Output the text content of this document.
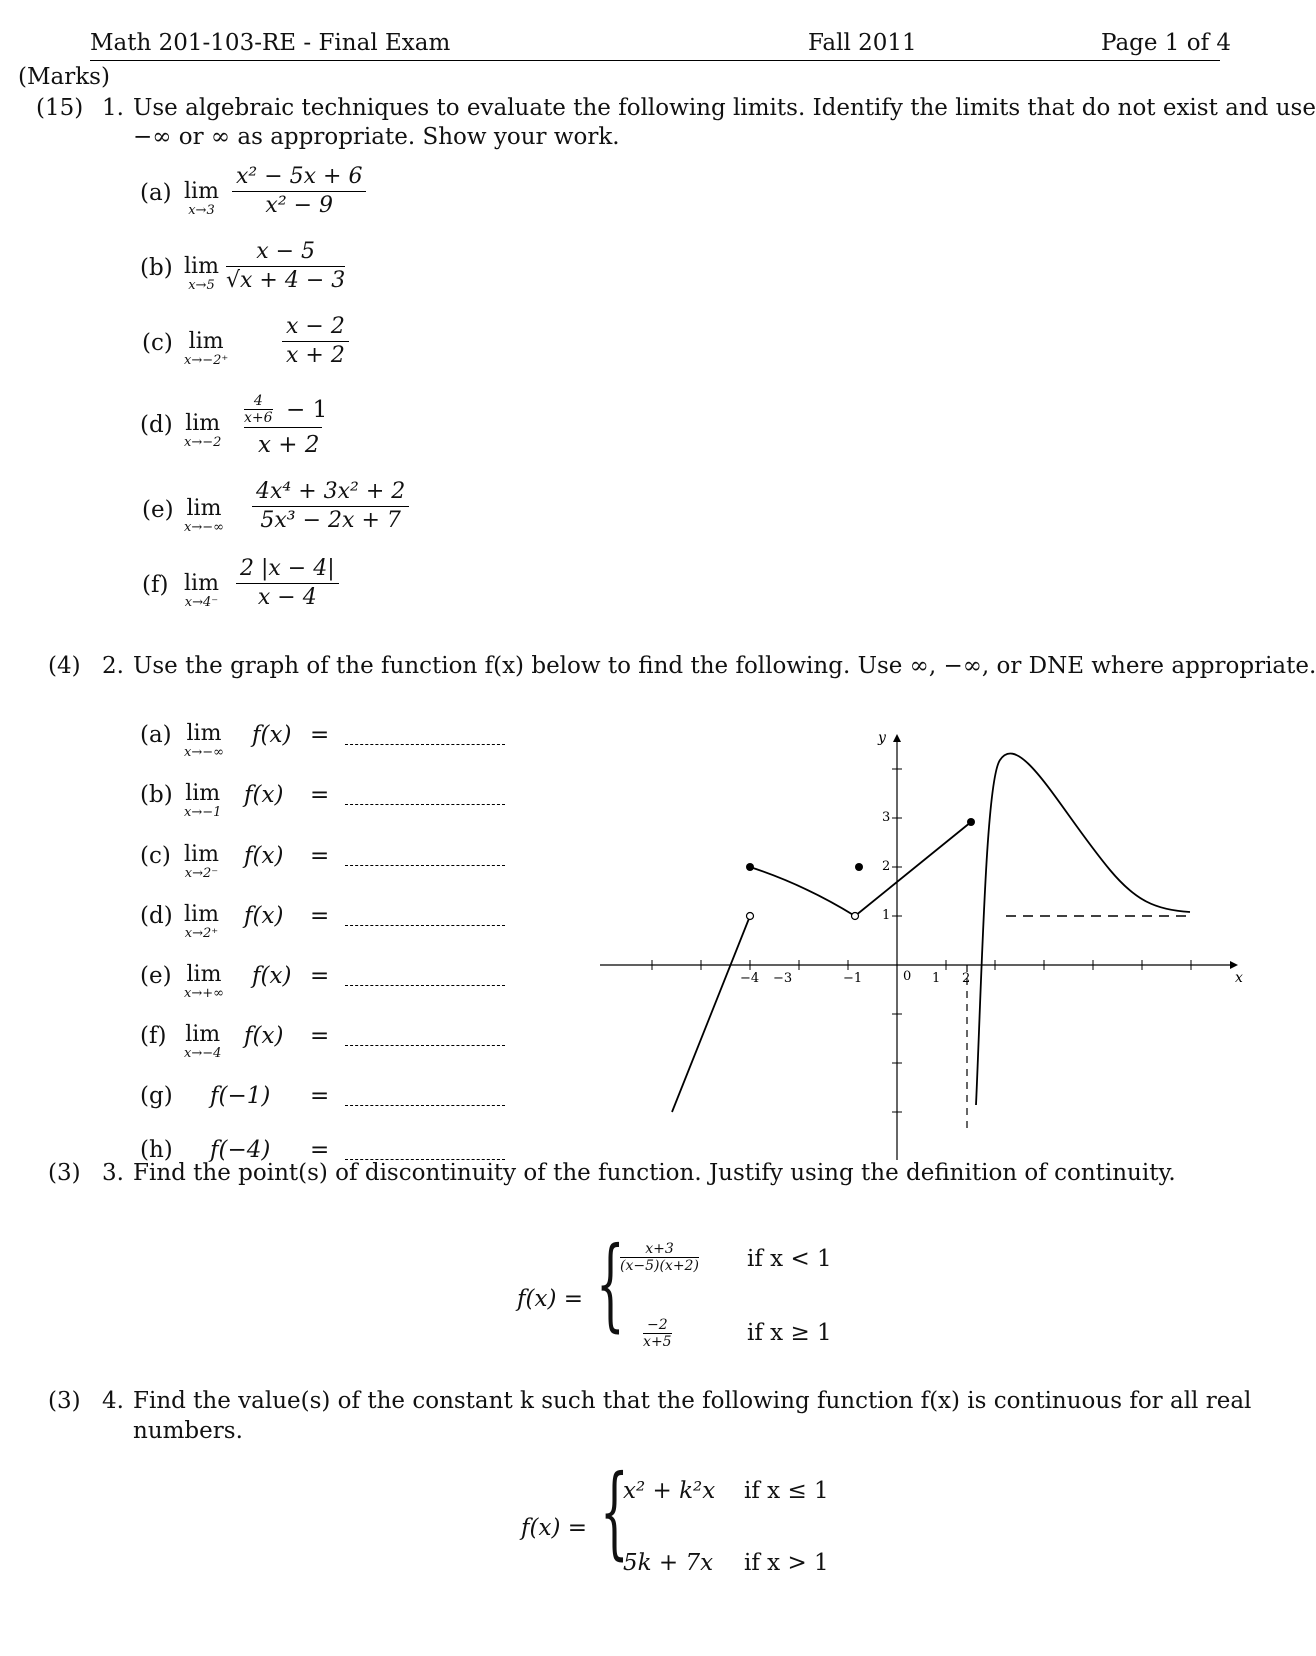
Math 201-103-RE - Final Exam	Fall 2011	Page 1 of 4
(Marks)
(15) 1. Use algebraic techniques to evaluate the following limits. Identify the limits that do not exist and use
−∞ or ∞ as appropriate. Show your work.
(a) lim
$x\to 3 \frac{\text{x² − 5x + 6}}{\text{x² − 9}}$
(b) lim
$x\to 5 \frac{x - 5}{√x + 4 - 3}$
(c) lim
$x\to-2^+ \frac{x - 2}{x + 2}$
(d) lim
x→−2
$\frac{4}{x+6} - 1$
x + 2
(e) lim
$x\to-\infty \frac{\text{4x⁴ + 3x² + 2}}{\text{5x³ − 2x + 7}}$
(f) lim
$x\to 4^- \frac{2 |x - 4|}{x - 4}$
(4) 2. Use the graph of the function f(x) below to find the following. Use ∞, −∞, or DNE where appropriate.
(a) lim
x→−∞
f(x) =
(b) lim
x→−1
f(x) =
(c) lim
x→2⁻
f(x) =
(d) lim
x→2⁺
f(x) =
(e) lim
x→+∞
f(x) =
(f) lim
x→−4
f(x) =
(g) f(−1) =
(h) f(−4) =
x
y
−4 −3	−1	0 1 2
3
2
1
(3) 3. Find the point(s) of discontinuity of the function. Justify using the definition of continuity.
f(x) = {
$\frac{x+3}{(x-5)(x+2)}$ if x < 1
$\frac{-2}{x+5}$	if x ≥ 1
(3) 4. Find the value(s) of the constant k such that the following function f(x) is continuous for all real
numbers.
f(x) = {
x² + k²x if x ≤ 1
5k + 7x if x > 1
